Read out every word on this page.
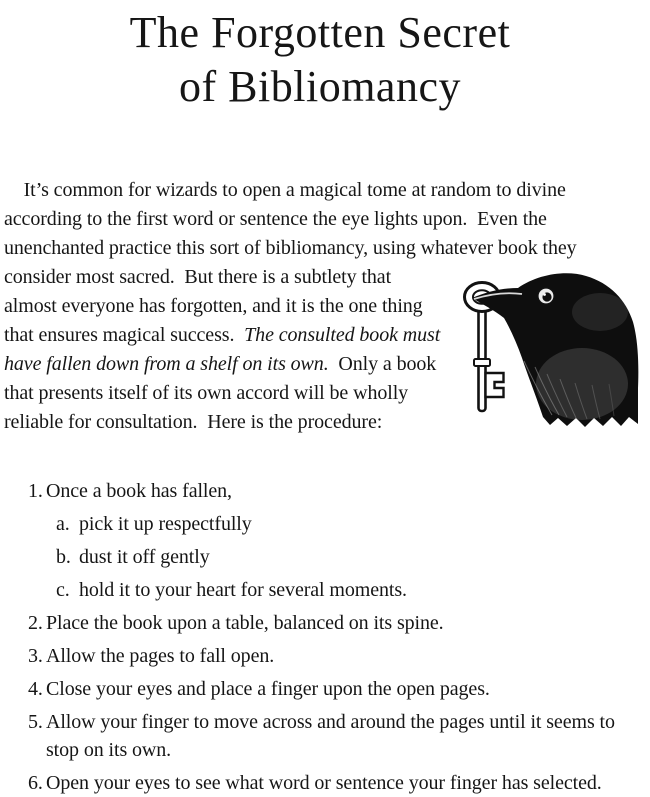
The Forgotten Secret
of Bibliomancy

It’s common for wizards to open a magical tome at random to divine according to the first word or sentence the eye lights upon.  Even the unenchanted practice this sort of bibliomancy, using whatever book they
consider most sacred.  But there is a subtlety that almost everyone has forgotten, and it is the one thing that ensures magical success.  The consulted book must have fallen down from a shelf on its own.  Only a book that presents itself of its own accord will be wholly reliable for consultation.  Here is the procedure:

1. Once a book has fallen,
a. pick it up respectfully
b. dust it off gently
c. hold it to your heart for several moments.
2. Place the book upon a table, balanced on its spine.
3. Allow the pages to fall open.
4. Close your eyes and place a finger upon the open pages.
5. Allow your finger to move across and around the pages until it seems to stop on its own.
6. Open your eyes to see what word or sentence your finger has selected.
